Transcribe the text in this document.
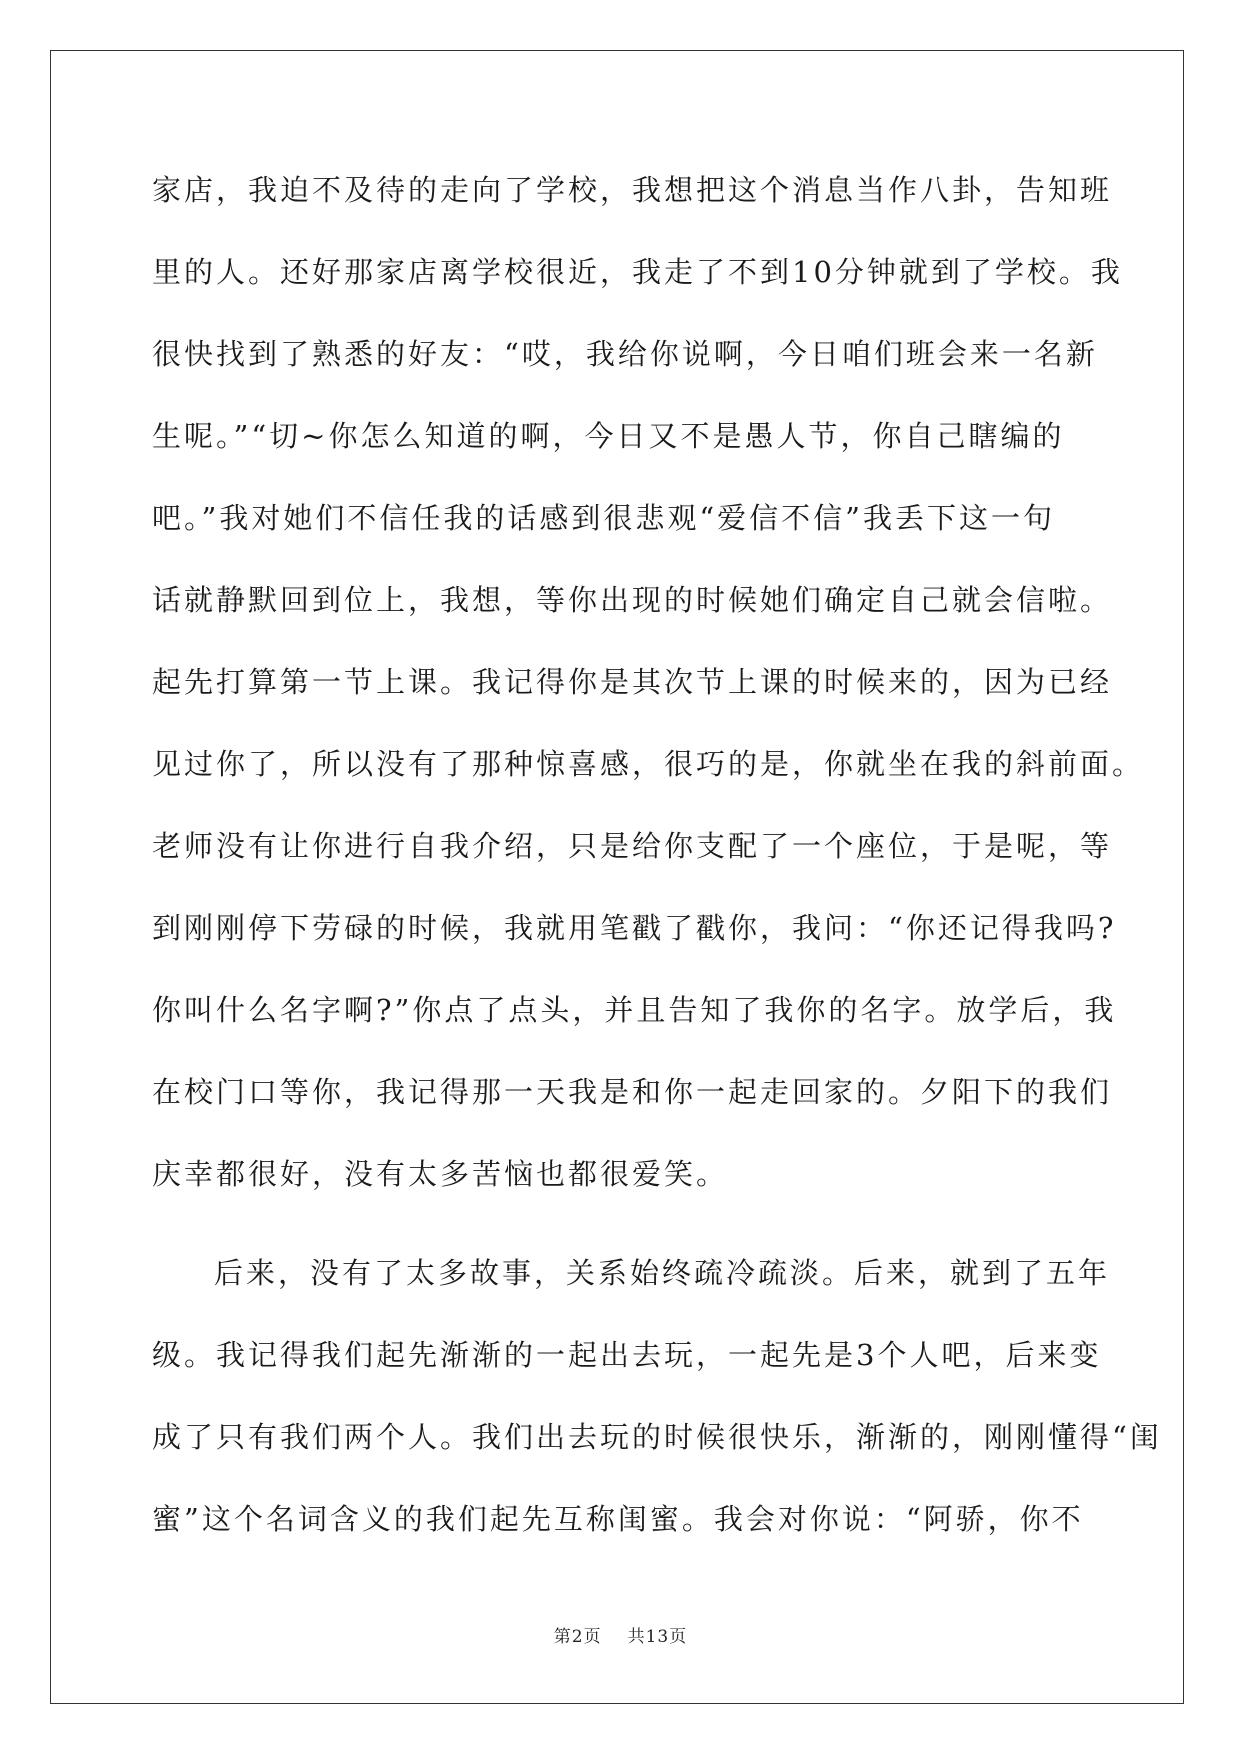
家店，我迫不及待的走向了学校，我想把这个消息当作八卦，告知班
里的人。还好那家店离学校很近，我走了不到10分钟就到了学校。我
很快找到了熟悉的好友：“哎，我给你说啊，今日咱们班会来一名新
生呢。”“切~你怎么知道的啊，今日又不是愚人节，你自己瞎编的
吧。”我对她们不信任我的话感到很悲观“爱信不信”我丢下这一句
话就静默回到位上，我想，等你出现的时候她们确定自己就会信啦。
起先打算第一节上课。我记得你是其次节上课的时候来的，因为已经
见过你了，所以没有了那种惊喜感，很巧的是，你就坐在我的斜前面。
老师没有让你进行自我介绍，只是给你支配了一个座位，于是呢，等
到刚刚停下劳碌的时候，我就用笔戳了戳你，我问：“你还记得我吗?
你叫什么名字啊?”你点了点头，并且告知了我你的名字。放学后，我
在校门口等你，我记得那一天我是和你一起走回家的。夕阳下的我们
庆幸都很好，没有太多苦恼也都很爱笑。
后来，没有了太多故事，关系始终疏冷疏淡。后来，就到了五年
级。我记得我们起先渐渐的一起出去玩，一起先是3个人吧，后来变
成了只有我们两个人。我们出去玩的时候很快乐，渐渐的，刚刚懂得“闺
蜜”这个名词含义的我们起先互称闺蜜。我会对你说：“阿骄，你不
第2页 共13页
